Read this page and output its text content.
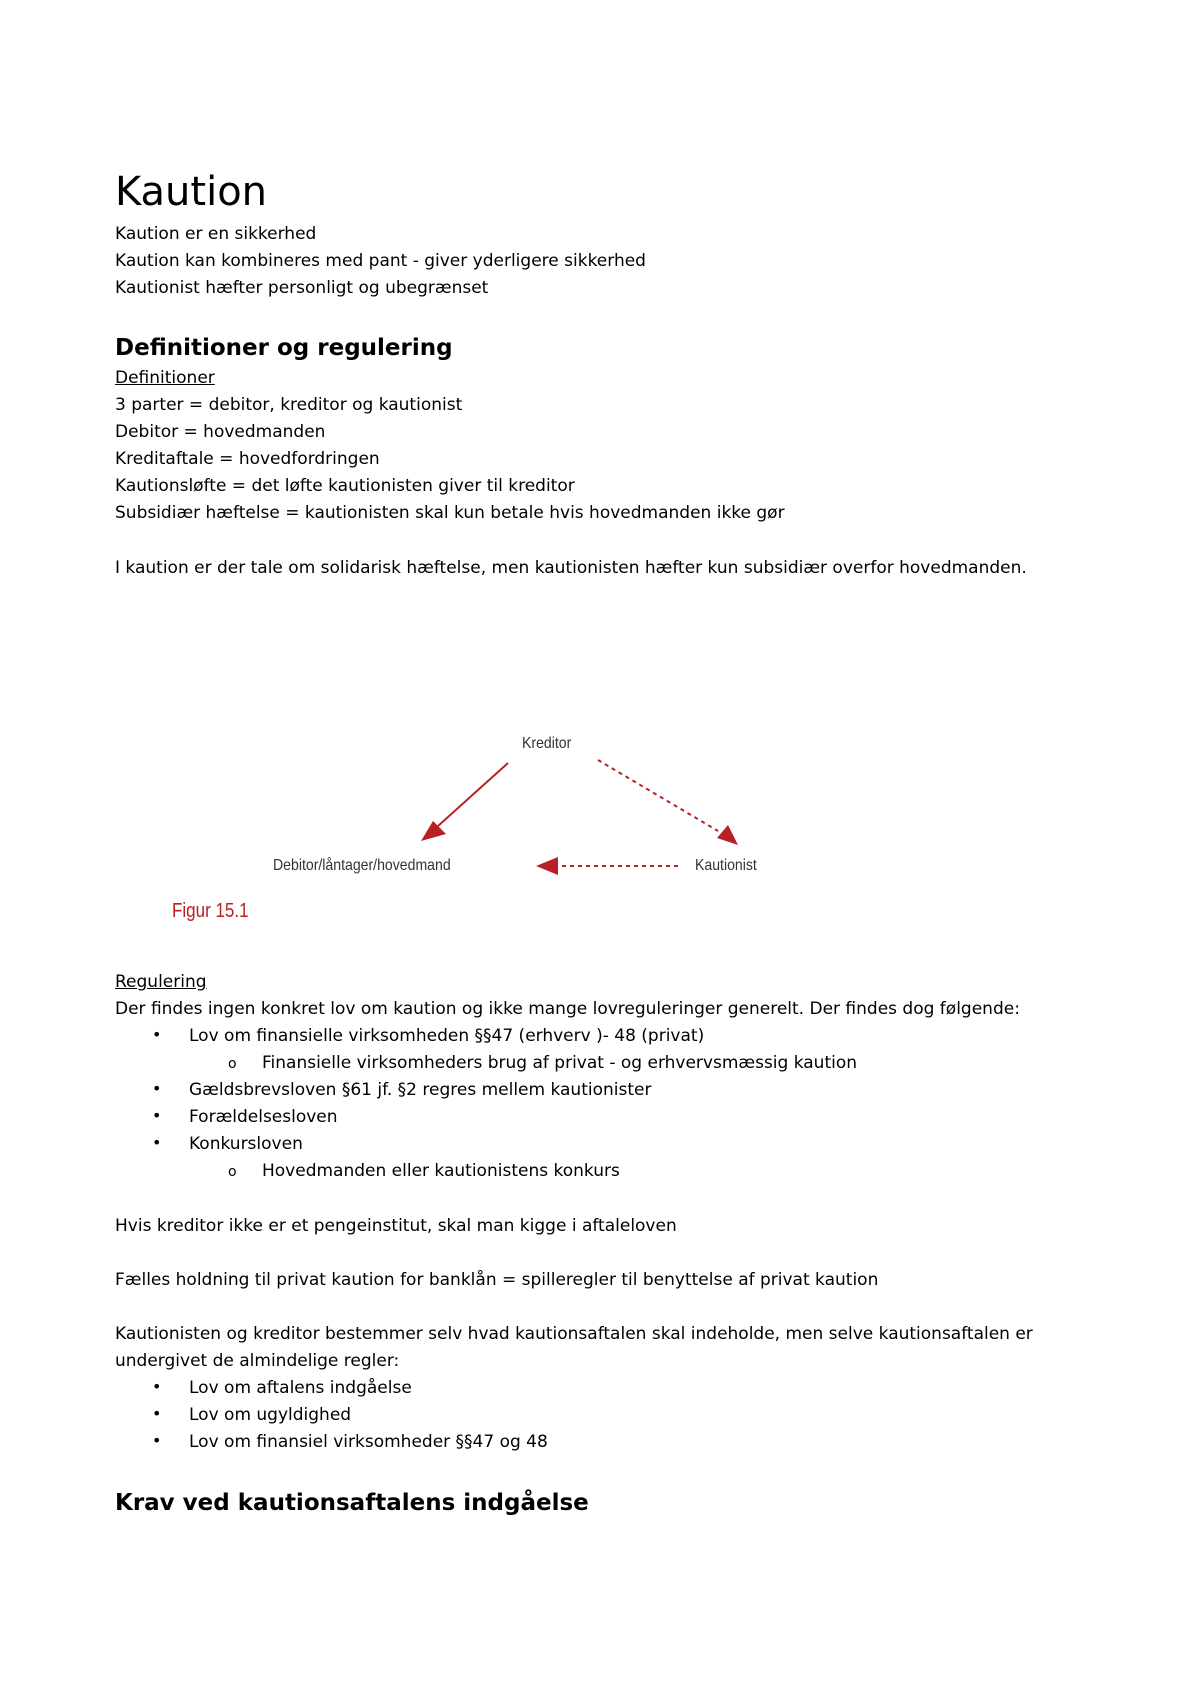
Kaution
Kaution er en sikkerhed
Kaution kan kombineres med pant - giver yderligere sikkerhed
Kautionist hæfter personligt og ubegrænset
Definitioner og regulering
Definitioner
3 parter = debitor, kreditor og kautionist
Debitor = hovedmanden
Kreditaftale = hovedfordringen
Kautionsløfte = det løfte kautionisten giver til kreditor
Subsidiær hæftelse = kautionisten skal kun betale hvis hovedmanden ikke gør
I kaution er der tale om solidarisk hæftelse, men kautionisten hæfter kun subsidiær overfor hovedmanden.
Kreditor
Debitor/låntager/hovedmand	Kautionist
Figur 15.1
Regulering
Der findes ingen konkret lov om kaution og ikke mange lovreguleringer generelt. Der findes dog følgende:
• Lov om finansielle virksomheden §§47 (erhverv )- 48 (privat)
o Finansielle virksomheders brug af privat - og erhvervsmæssig kaution
• Gældsbrevsloven §61 jf. §2 regres mellem kautionister
• Forældelsesloven
• Konkursloven
o Hovedmanden eller kautionistens konkurs
Hvis kreditor ikke er et pengeinstitut, skal man kigge i aftaleloven
Fælles holdning til privat kaution for banklån = spilleregler til benyttelse af privat kaution
Kautionisten og kreditor bestemmer selv hvad kautionsaftalen skal indeholde, men selve kautionsaftalen er
undergivet de almindelige regler:
• Lov om aftalens indgåelse
• Lov om ugyldighed
• Lov om finansiel virksomheder §§47 og 48
Krav ved kautionsaftalens indgåelse
